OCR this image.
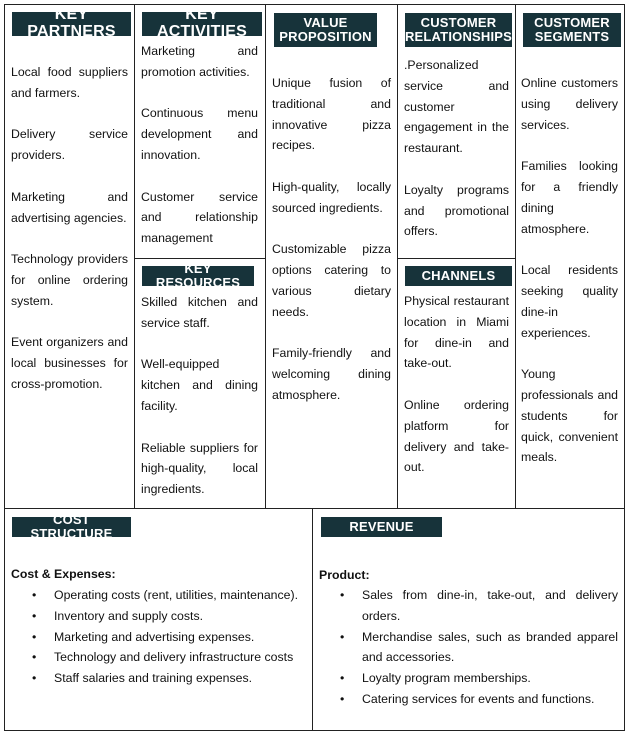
KEY PARTNERS

Local food suppliers and farmers.

Delivery service providers.

Marketing and advertising agencies.

Technology providers for online ordering system.

Event organizers and local businesses for cross-promotion.

KEY ACTIVITIES

Marketing and promotion activities.

Continuous menu development and innovation.

Customer service and relationship management

KEY RESOURCES

Skilled kitchen and service staff.

Well-equipped kitchen and dining facility.

Reliable suppliers for high-quality, local ingredients.

VALUE
PROPOSITION

Unique fusion of traditional and innovative pizza recipes.

High-quality, locally sourced ingredients.

Customizable pizza options catering to various dietary needs.

Family-friendly and welcoming dining atmosphere.

CUSTOMER
RELATIONSHIPS

.Personalized service and customer engagement in the restaurant.

Loyalty programs and promotional offers.

CHANNELS

Physical restaurant location in Miami for dine-in and take-out.

Online ordering platform for delivery and take-out.

CUSTOMER
SEGMENTS

Online customers using delivery services.

Families looking for a friendly dining atmosphere.

Local residents seeking quality dine-in experiences.

Young professionals and students for quick, convenient meals.

COST STRUCTURE
Cost & Expenses:
• Operating costs (rent, utilities, maintenance).
• Inventory and supply costs.
• Marketing and advertising expenses.
• Technology and delivery infrastructure costs
• Staff salaries and training expenses.
REVENUE
Product:
• Sales from dine-in, take-out, and delivery orders.
• Merchandise sales, such as branded apparel and accessories.
• Loyalty program memberships.
• Catering services for events and functions.
